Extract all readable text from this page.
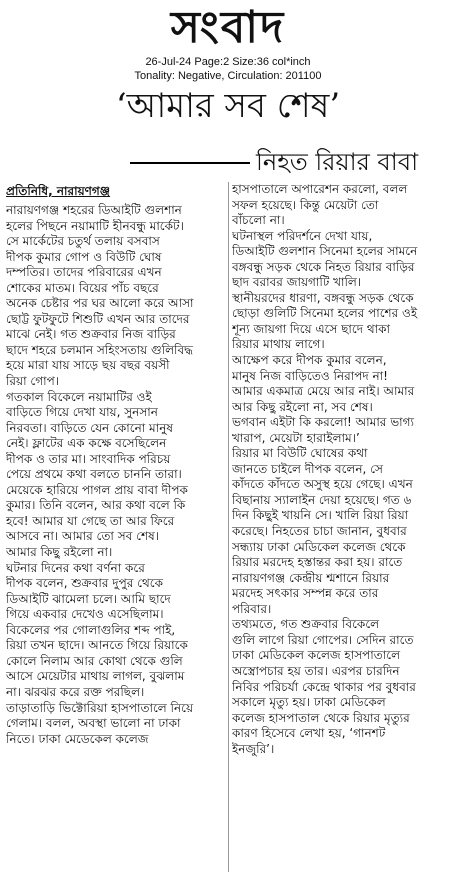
সংবাদ
26-Jul-24 Page:2 Size:36 col*inch
Tonality: Negative, Circulation: 201100
‘আমার সব শেষ’
নিহত রিয়ার বাবা
প্রতিনিধি, নারায়ণগঞ্জ
নারায়ণগঞ্জ শহরের ডিআইটি গুলশান
হলের পিছনে নয়ামাটি হীনবন্ধু মার্কেট।
সে মার্কেটের চতুর্থ তলায় বসবাস
দীপক কুমার গোপ ও বিউটি ঘোষ
দম্পতির। তাদের পরিবারের এখন
শোকের মাতম। বিয়ের পাঁচ বছরে
অনেক চেষ্টার পর ঘর আলো করে আসা
ছোট্ট ফুটফুটে শিশুটি এখন আর তাদের
মাঝে নেই। গত শুক্রবার নিজ বাড়ির
ছাদে শহরে চলমান সহিংসতায় গুলিবিদ্ধ
হয়ে মারা যায় সাড়ে ছয় বছর বয়সী
রিয়া গোপ।
গতকাল বিকেলে নয়ামাটির ওই
বাড়িতে গিয়ে দেখা যায়, সুনসান
নিরবতা। বাড়িতে যেন কোনো মানুষ
নেই। ফ্লাটের এক কক্ষে বসেছিলেন
দীপক ও তার মা। সাংবাদিক পরিচয়
পেয়ে প্রথমে কথা বলতে চাননি তারা।
মেয়েকে হারিয়ে পাগল প্রায় বাবা দীপক
কুমার। তিনি বলেন, আর কথা বলে কি
হবে! আমার যা গেছে তা আর ফিরে
আসবে না। আমার তো সব শেষ।
আমার কিছু রইলো না।
ঘটনার দিনের কথা বর্ণনা করে
দীপক বলেন, শুক্রবার দুপুর থেকে
ডিআইটি ঝামেলা চলে। আমি ছাদে
গিয়ে একবার দেখেও এসেছিলাম।
বিকেলের পর গোলাগুলির শব্দ পাই,
রিয়া তখন ছাদে। আনতে গিয়ে রিয়াকে
কোলে নিলাম আর কোথা থেকে গুলি
আসে মেয়েটার মাথায় লাগল, বুঝলাম
না। ঝরঝর করে রক্ত পরছিল।
তাড়াতাড়ি ভিক্টোরিয়া হাসপাতালে নিয়ে
গেলাম। বলল, অবস্থা ভালো না ঢাকা
নিতে। ঢাকা মেডেকেল কলেজ
হাসপাতালে অপারেশন করলো, বলল
সফল হয়েছে। কিন্তু মেয়েটা তো
বাঁচলো না।
ঘটনাস্থল পরিদর্শনে দেখা যায়,
ডিআইটি গুলশান সিনেমা হলের সামনে
বঙ্গবন্ধু সড়ক থেকে নিহত রিয়ার বাড়ির
ছাদ বরাবর জায়গাটি খালি।
স্থানীয়রদের ধারণা, বঙ্গবন্ধু সড়ক থেকে
ছোড়া গুলিটি সিনেমা হলের পাশের ওই
শূন্য জায়গা দিয়ে এসে ছাদে থাকা
রিয়ার মাথায় লাগে।
আক্ষেপ করে দীপক কুমার বলেন,
মানুষ নিজ বাড়িতেও নিরাপদ না!
আমার একমাত্র মেয়ে আর নাই। আমার
আর কিছু রইলো না, সব শেষ।
ভগবান এইটা কি করলো! আমার ভাগ্য
খারাপ, মেয়েটা হারাইলাম।’
রিয়ার মা বিউটি ঘোষের কথা
জানতে চাইলে দীপক বলেন, সে
কাঁদতে কাঁদতে অসুস্থ হয়ে গেছে। এখন
বিছানায় স্যালাইন দেয়া হয়েছে। গত ৬
দিন কিছুই খায়নি সে। খালি রিয়া রিয়া
করেছে। নিহতের চাচা জানান, বুধবার
সন্ধ্যায় ঢাকা মেডিকেল কলেজ থেকে
রিয়ার মরদেহ হস্তান্তর করা হয়। রাতে
নারায়ণগঞ্জ কেন্দ্রীয় শ্মশানে রিয়ার
মরদেহ সৎকার সম্পন্ন করে তার
পরিবার।
তথ্যমতে, গত শুক্রবার বিকেলে
গুলি লাগে রিয়া গোপের। সেদিন রাতে
ঢাকা মেডিকেল কলেজ হাসপাতালে
অস্ত্রোপচার হয় তার। এরপর চারদিন
নিবির পরিচর্যা কেন্দ্রে থাকার পর বুধবার
সকালে মৃত্যু হয়। ঢাকা মেডিকেল
কলেজ হাসপাতাল থেকে রিয়ার মৃত্যুর
কারণ হিসেবে লেখা হয়, ‘গানশট
ইনজুরি’।
